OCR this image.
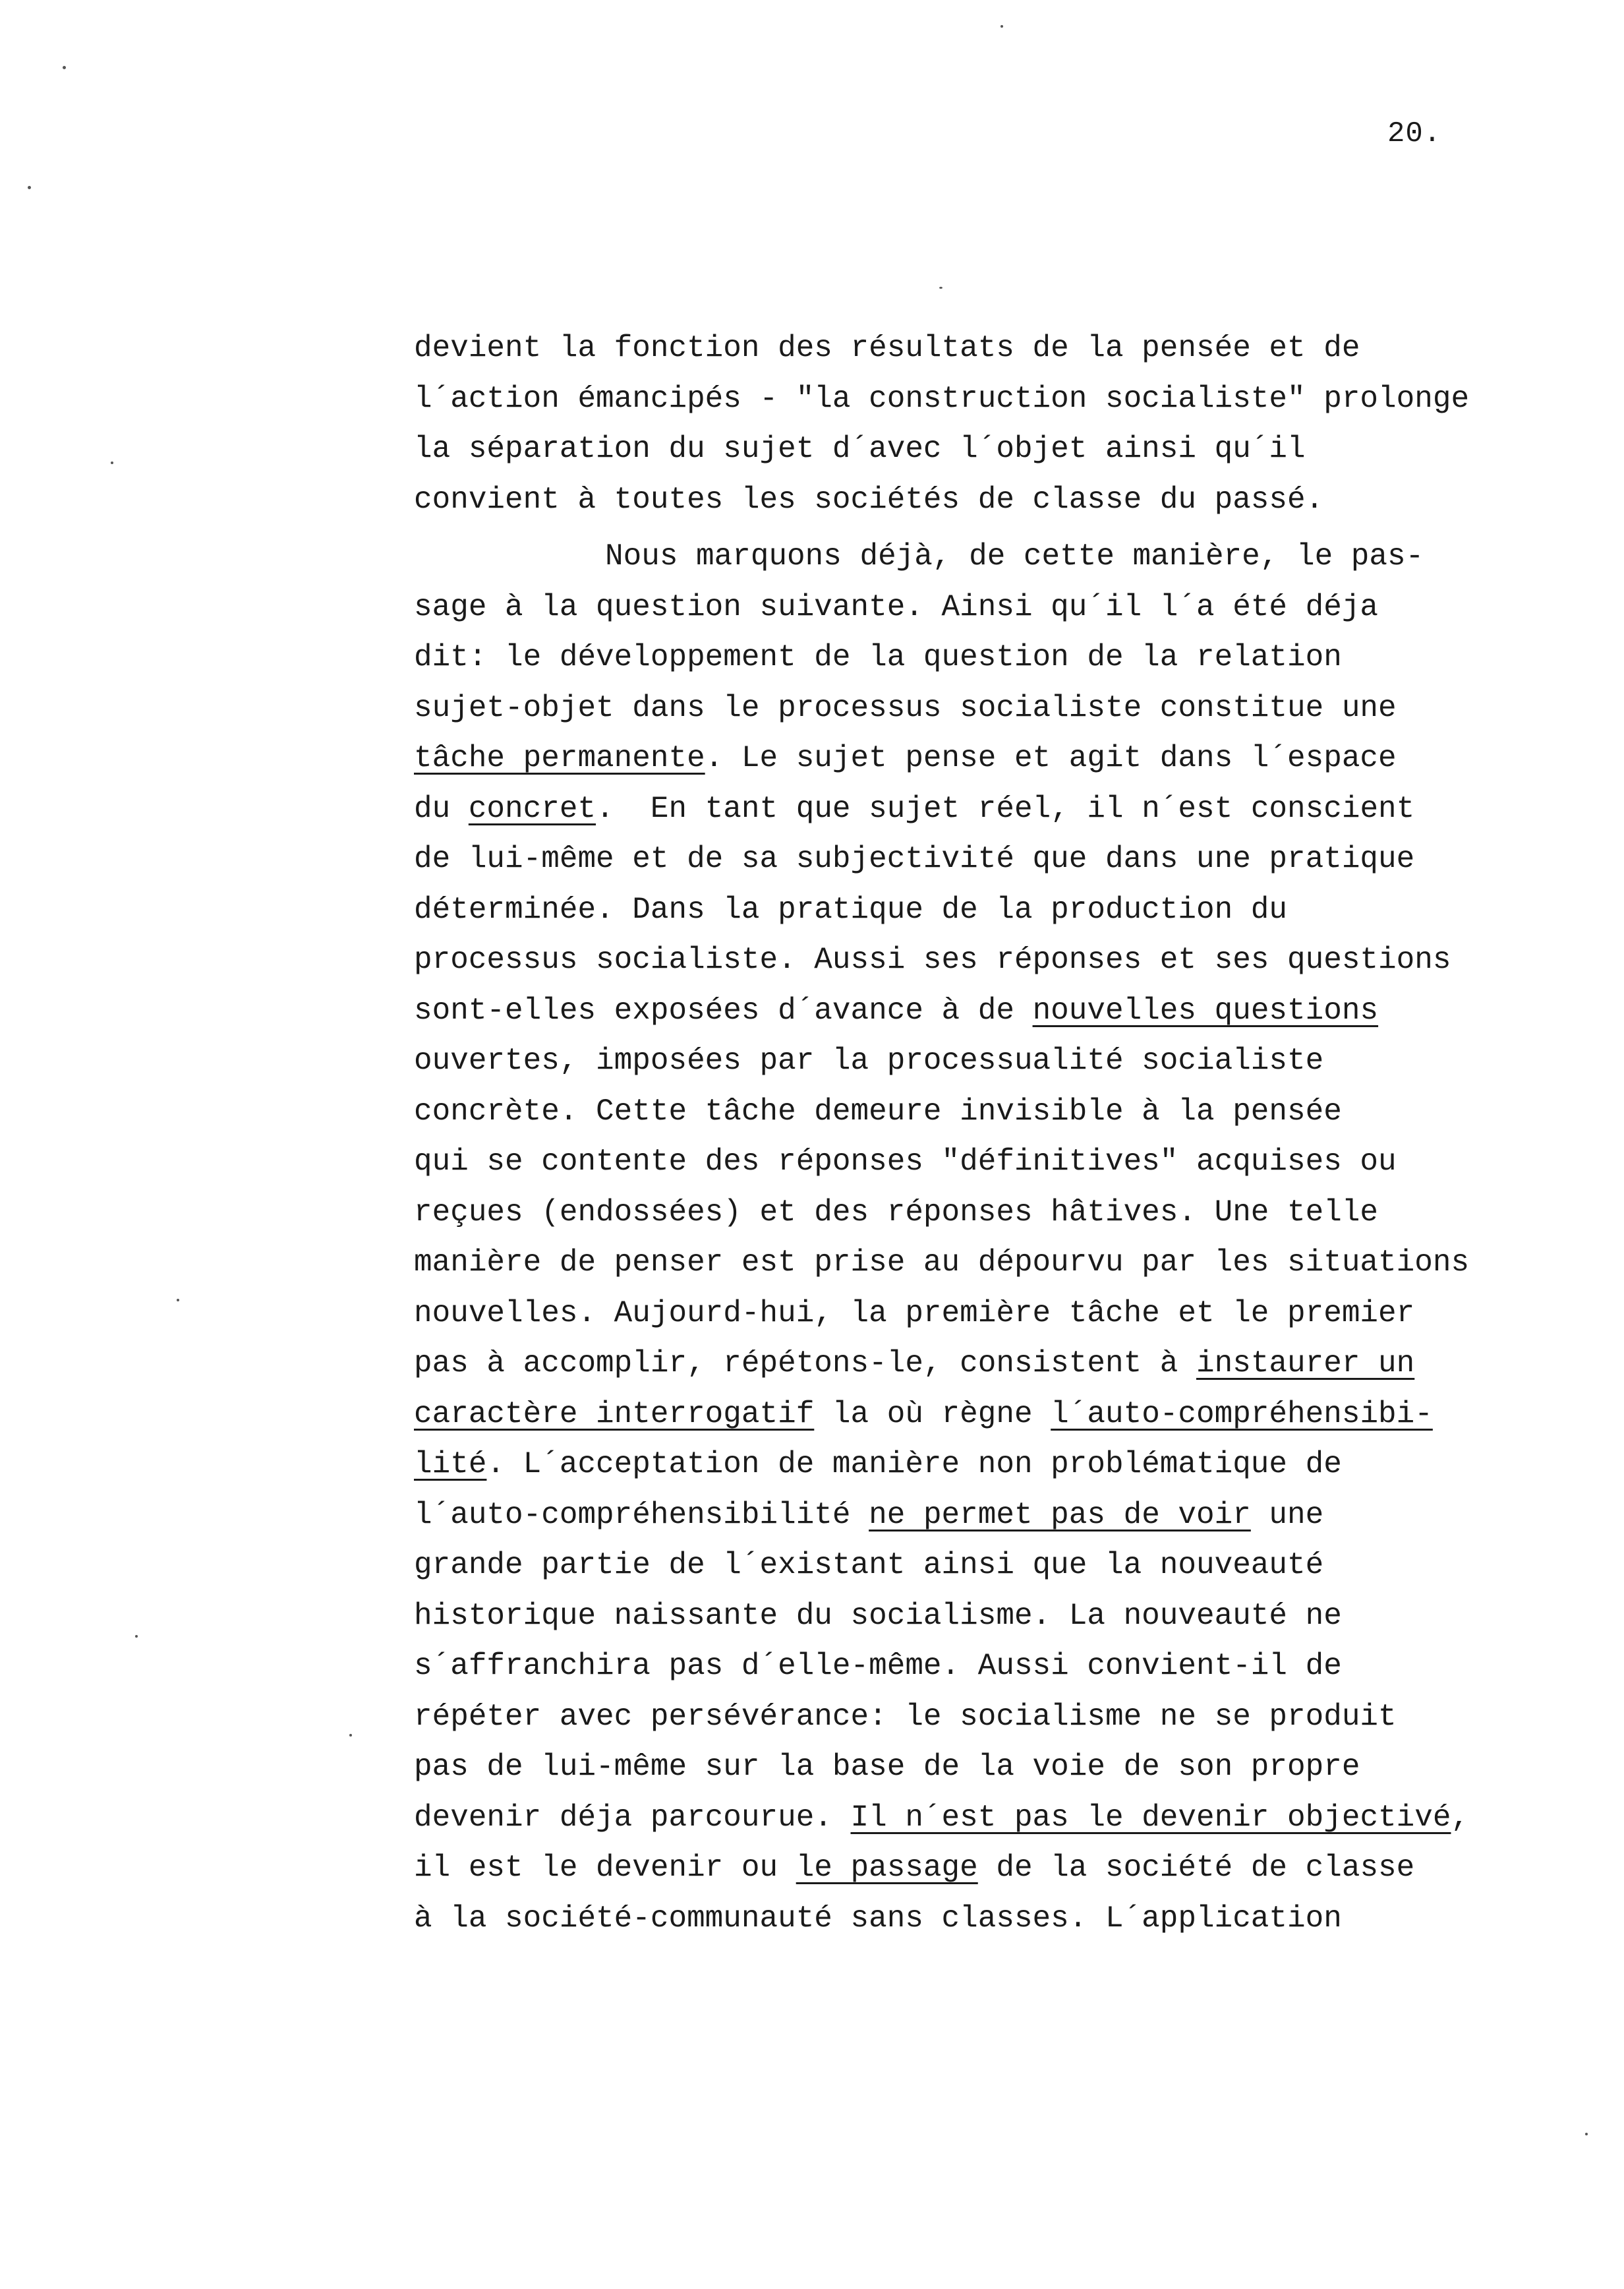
20.
devient la fonction des résultats de la pensée et de
l´action émancipés - "la construction socialiste" prolonge
la séparation du sujet d´avec l´objet ainsi qu´il
convient à toutes les sociétés de classe du passé.
Nous marquons déjà, de cette manière, le pas-
sage à la question suivante. Ainsi qu´il l´a été déja
dit: le développement de la question de la relation
sujet-objet dans le processus socialiste constitue une
tâche permanente. Le sujet pense et agit dans l´espace
du concret.  En tant que sujet réel, il n´est conscient
de lui-même et de sa subjectivité que dans une pratique
déterminée. Dans la pratique de la production du
processus socialiste. Aussi ses réponses et ses questions
sont-elles exposées d´avance à de nouvelles questions
ouvertes, imposées par la processualité socialiste
concrète. Cette tâche demeure invisible à la pensée
qui se contente des réponses "définitives" acquises ou
reçues (endossées) et des réponses hâtives. Une telle
manière de penser est prise au dépourvu par les situations
nouvelles. Aujourd-hui, la première tâche et le premier
pas à accomplir, répétons-le, consistent à instaurer un
caractère interrogatif la où règne l´auto-compréhensibi-
lité. L´acceptation de manière non problématique de
l´auto-compréhensibilité ne permet pas de voir une
grande partie de l´existant ainsi que la nouveauté
historique naissante du socialisme. La nouveauté ne
s´affranchira pas d´elle-même. Aussi convient-il de
répéter avec persévérance: le socialisme ne se produit
pas de lui-même sur la base de la voie de son propre
devenir déja parcourue. Il n´est pas le devenir objectivé,
il est le devenir ou le passage de la société de classe
à la société-communauté sans classes. L´application
